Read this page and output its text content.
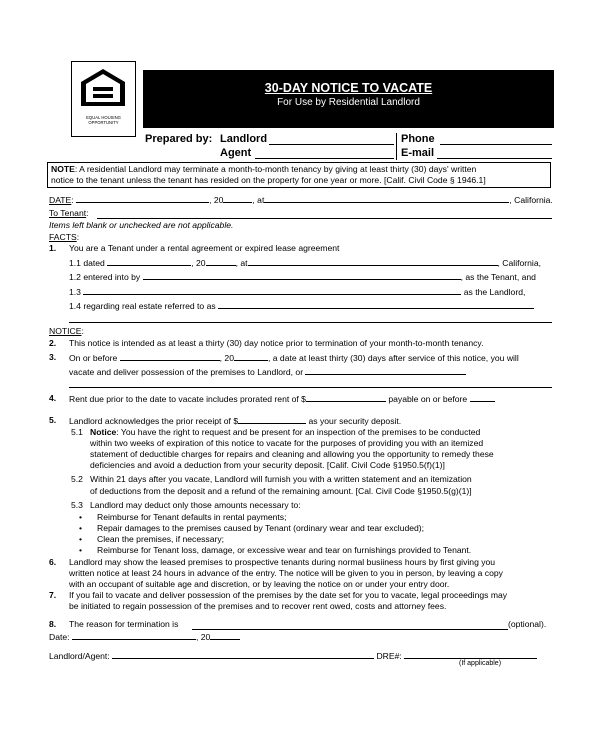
EQUAL HOUSING OPPORTUNITY
30-DAY NOTICE TO VACATE
For Use by Residential Landlord
Prepared by: Landlord
Agent
Phone
E-mail
NOTE: A residential Landlord may terminate a month-to-month tenancy by giving at least thirty (30) days' written
notice to the tenant unless the tenant has resided on the property for one year or more. [Calif. Civil Code § 1946.1]
DATE:	, 20	, at	, California.
To Tenant:
Items left blank or unchecked are not applicable.
FACTS:
1. You are a Tenant under a rental agreement or expired lease agreement
1.1 dated	, 20	, at	, California,
1.2 entered into by	, as the Tenant, and
1.3	as the Landlord,
1.4 regarding real estate referred to as
NOTICE:
2. This notice is intended as at least a thirty (30) day notice prior to termination of your month-to-month tenancy.
3. On or before	, 20	, a date at least thirty (30) days after service of this notice, you will
vacate and deliver possession of the premises to Landlord, or
4. Rent due prior to the date to vacate includes prorated rent of $	payable on or before
5. Landlord acknowledges the prior receipt of $	as your security deposit.
5.1 Notice: You have the right to request and be present for an inspection of the premises to be conducted
within two weeks of expiration of this notice to vacate for the purposes of providing you with an itemized
statement of deductible charges for repairs and cleaning and allowing you the opportunity to remedy these
deficiencies and avoid a deduction from your security deposit. [Calif. Civil Code §1950.5(f)(1)]
5.2 Within 21 days after you vacate, Landlord will furnish you with a written statement and an itemization
of deductions from the deposit and a refund of the remaining amount. [Cal. Civil Code §1950.5(g)(1)]
5.3 Landlord may deduct only those amounts necessary to:
• Reimburse for Tenant defaults in rental payments;
• Repair damages to the premises caused by Tenant (ordinary wear and tear excluded);
• Clean the premises, if necessary;
• Reimburse for Tenant loss, damage, or excessive wear and tear on furnishings provided to Tenant.
6. Landlord may show the leased premises to prospective tenants during normal busiiness hours by first giving you
written notice at least 24 hours in advance of the entry. The notice will be given to you in person, by leaving a copy
with an occupant of suitable age and discretion, or by leaving the notice on or under your entry door.
7. If you fail to vacate and deliver possession of the premises by the date set for you to vacate, legal proceedings may
be initiated to regain possession of the premises and to recover rent owed, costs and attorney fees.
8. The reason for termination is	(optional).
Date:	, 20
Landlord/Agent:	DRE#:
(If applicable)
